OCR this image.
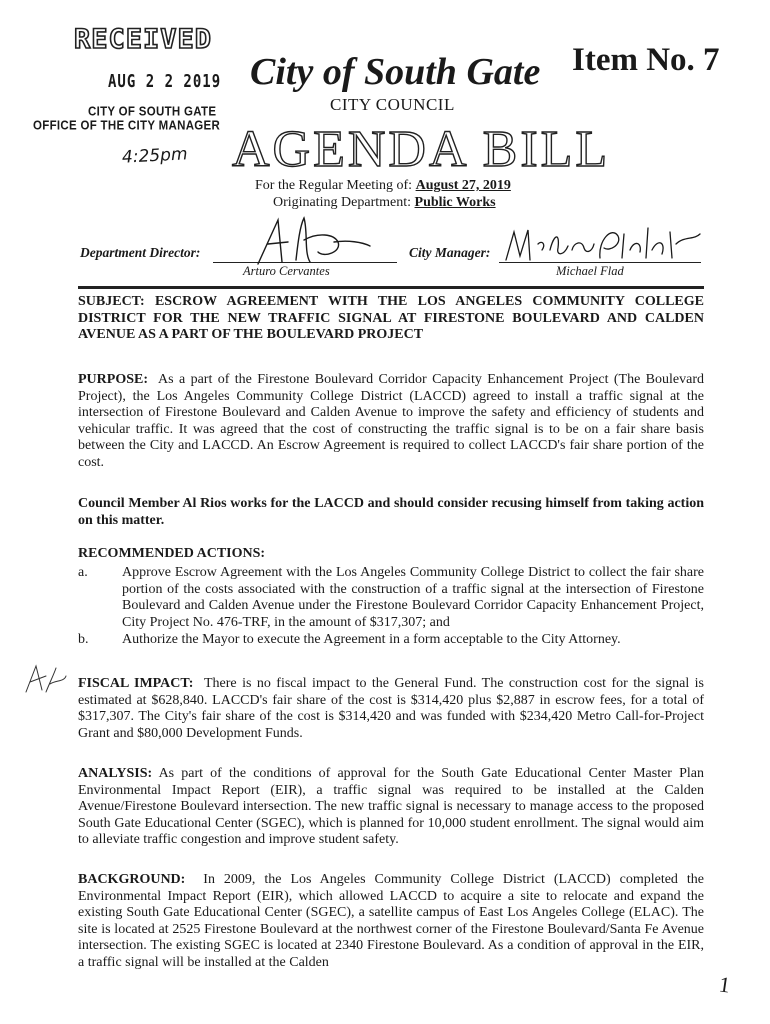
RECEIVED
AUG 2 2 2019
CITY OF SOUTH GATE
OFFICE OF THE CITY MANAGER
4:25pm
City of South Gate Item No. 7
CITY COUNCIL
AGENDA BILL
For the Regular Meeting of: August 27, 2019
Originating Department: Public Works
Department Director:
Arturo Cervantes
City Manager:
Michael Flad
SUBJECT: ESCROW AGREEMENT WITH THE LOS ANGELES COMMUNITY COLLEGE DISTRICT FOR THE NEW TRAFFIC SIGNAL AT FIRESTONE BOULEVARD AND CALDEN AVENUE AS A PART OF THE BOULEVARD PROJECT
PURPOSE: As a part of the Firestone Boulevard Corridor Capacity Enhancement Project (The Boulevard Project), the Los Angeles Community College District (LACCD) agreed to install a traffic signal at the intersection of Firestone Boulevard and Calden Avenue to improve the safety and efficiency of students and vehicular traffic. It was agreed that the cost of constructing the traffic signal is to be on a fair share basis between the City and LACCD. An Escrow Agreement is required to collect LACCD's fair share portion of the cost.
Council Member Al Rios works for the LACCD and should consider recusing himself from taking action on this matter.
RECOMMENDED ACTIONS:
a.	Approve Escrow Agreement with the Los Angeles Community College District to collect the fair share portion of the costs associated with the construction of a traffic signal at the intersection of Firestone Boulevard and Calden Avenue under the Firestone Boulevard Corridor Capacity Enhancement Project, City Project No. 476-TRF, in the amount of $317,307; and
b.	Authorize the Mayor to execute the Agreement in a form acceptable to the City Attorney.
FISCAL IMPACT: There is no fiscal impact to the General Fund. The construction cost for the signal is estimated at $628,840. LACCD's fair share of the cost is $314,420 plus $2,887 in escrow fees, for a total of $317,307. The City's fair share of the cost is $314,420 and was funded with $234,420 Metro Call-for-Project Grant and $80,000 Development Funds.
ANALYSIS: As part of the conditions of approval for the South Gate Educational Center Master Plan Environmental Impact Report (EIR), a traffic signal was required to be installed at the Calden Avenue/Firestone Boulevard intersection. The new traffic signal is necessary to manage access to the proposed South Gate Educational Center (SGEC), which is planned for 10,000 student enrollment. The signal would aim to alleviate traffic congestion and improve student safety.
BACKGROUND: In 2009, the Los Angeles Community College District (LACCD) completed the Environmental Impact Report (EIR), which allowed LACCD to acquire a site to relocate and expand the existing South Gate Educational Center (SGEC), a satellite campus of East Los Angeles College (ELAC). The site is located at 2525 Firestone Boulevard at the northwest corner of the Firestone Boulevard/Santa Fe Avenue intersection. The existing SGEC is located at 2340 Firestone Boulevard. As a condition of approval in the EIR, a traffic signal will be installed at the Calden
1
